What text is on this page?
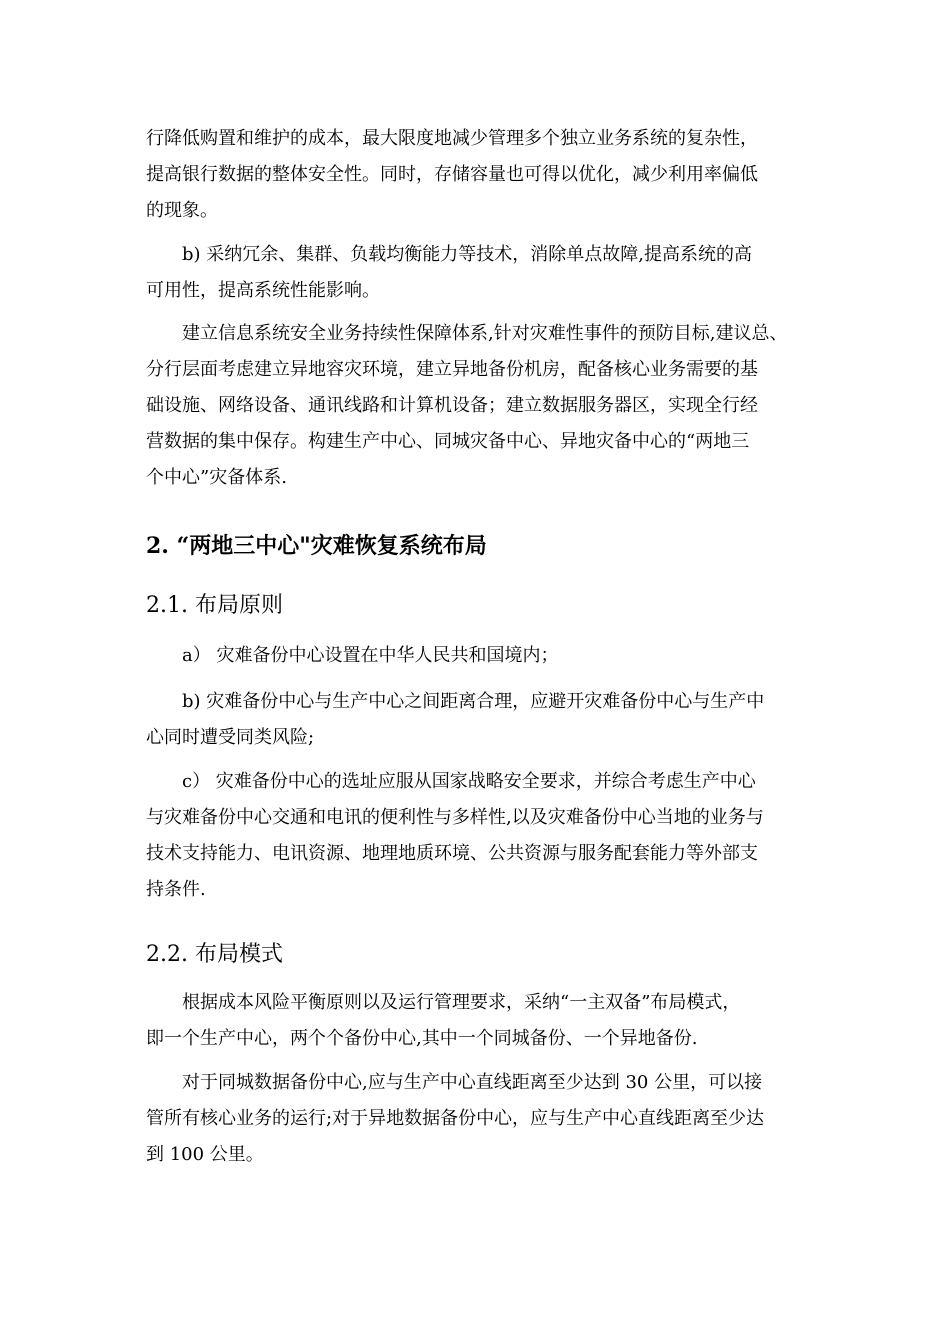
行降低购置和维护的成本，最大限度地减少管理多个独立业务系统的复杂性，
提高银行数据的整体安全性。同时，存储容量也可得以优化，减少利用率偏低
的现象。

b) 采纳冗余、集群、负载均衡能力等技术，消除单点故障,提高系统的高
可用性，提高系统性能影响。

建立信息系统安全业务持续性保障体系,针对灾难性事件的预防目标,建议总、
分行层面考虑建立异地容灾环境，建立异地备份机房，配备核心业务需要的基
础设施、网络设备、通讯线路和计算机设备；建立数据服务器区，实现全行经
营数据的集中保存。构建生产中心、同城灾备中心、异地灾备中心的“两地三
个中心”灾备体系.

2. “两地三中心"灾难恢复系统布局
2.1. 布局原则

a） 灾难备份中心设置在中华人民共和国境内；

b) 灾难备份中心与生产中心之间距离合理，应避开灾难备份中心与生产中
心同时遭受同类风险;

c） 灾难备份中心的选址应服从国家战略安全要求，并综合考虑生产中心
与灾难备份中心交通和电讯的便利性与多样性,以及灾难备份中心当地的业务与
技术支持能力、电讯资源、地理地质环境、公共资源与服务配套能力等外部支
持条件.

2.2. 布局模式

根据成本风险平衡原则以及运行管理要求，采纳“一主双备”布局模式，
即一个生产中心，两个个备份中心,其中一个同城备份、一个异地备份.

对于同城数据备份中心,应与生产中心直线距离至少达到 30 公里，可以接
管所有核心业务的运行;对于异地数据备份中心，应与生产中心直线距离至少达
到 100 公里。
